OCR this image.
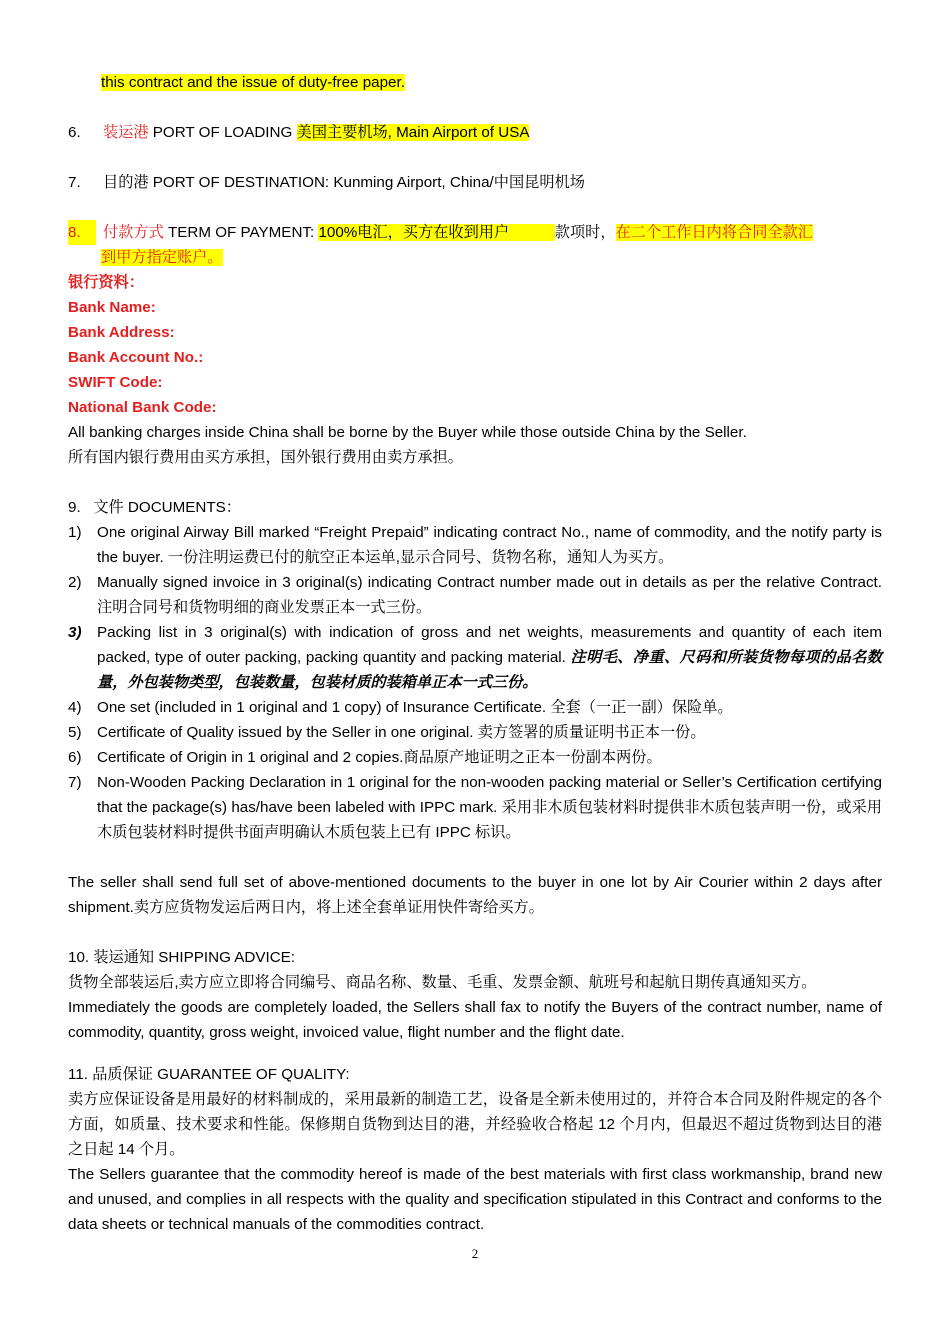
this contract and the issue of duty-free paper.
6. 装运港 PORT OF LOADING 美国主要机场, Main Airport of USA
7. 目的港 PORT OF DESTINATION: Kunming Airport, China/中国昆明机场
8. 付款方式 TERM OF PAYMENT: 100%电汇，买方在收到用户　　　	款项时，在二个工作日内将合同全款汇
到甲方指定账户。
银行资料：
Bank Name:
Bank Address:
Bank Account No.:
SWIFT Code:
National Bank Code:
All banking charges inside China shall be borne by the Buyer while those outside China by the Seller.
所有国内银行费用由买方承担，国外银行费用由卖方承担。
9.   文件 DOCUMENTS：
1)	One original Airway Bill marked “Freight Prepaid” indicating contract No., name of commodity, and the notify party is the buyer. 一份注明运费已付的航空正本运单,显示合同号、货物名称，通知人为买方。
2)	Manually signed invoice in 3 original(s) indicating Contract number made out in details as per the relative Contract. 注明合同号和货物明细的商业发票正本一式三份。
3)	Packing list in 3 original(s) with indication of gross and net weights, measurements and quantity of each item packed, type of outer packing, packing quantity and packing material. 注明毛、净重、尺码和所装货物每项的品名数量，外包装物类型，包装数量，包装材质的装箱单正本一式三份。
4)	One set (included in 1 original and 1 copy) of Insurance Certificate. 全套（一正一副）保险单。
5)	Certificate of Quality issued by the Seller in one original. 卖方签署的质量证明书正本一份。
6)	Certificate of Origin in 1 original and 2 copies.商品原产地证明之正本一份副本两份。
7)	Non-Wooden Packing Declaration in 1 original for the non-wooden packing material or Seller’s Certification certifying that the package(s) has/have been labeled with IPPC mark. 采用非木质包装材料时提供非木质包装声明一份，或采用木质包装材料时提供书面声明确认木质包装上已有 IPPC 标识。
The seller shall send full set of above-mentioned documents to the buyer in one lot by Air Courier within 2 days after shipment.卖方应货物发运后两日内，将上述全套单证用快件寄给买方。
10. 装运通知 SHIPPING ADVICE:
货物全部装运后,卖方应立即将合同编号、商品名称、数量、毛重、发票金额、航班号和起航日期传真通知买方。
Immediately the goods are completely loaded, the Sellers shall fax to notify the Buyers of the contract number, name of commodity, quantity, gross weight, invoiced value, flight number and the flight date.
11. 品质保证 GUARANTEE OF QUALITY:
卖方应保证设备是用最好的材料制成的，采用最新的制造工艺，设备是全新未使用过的，并符合本合同及附件规定的各个方面，如质量、技术要求和性能。保修期自货物到达目的港，并经验收合格起 12 个月内，但最迟不超过货物到达目的港之日起 14 个月。
The Sellers guarantee that the commodity hereof is made of the best materials with first class workmanship, brand new and unused, and complies in all respects with the quality and specification stipulated in this Contract and conforms to the data sheets or technical manuals of the commodities contract.
2
